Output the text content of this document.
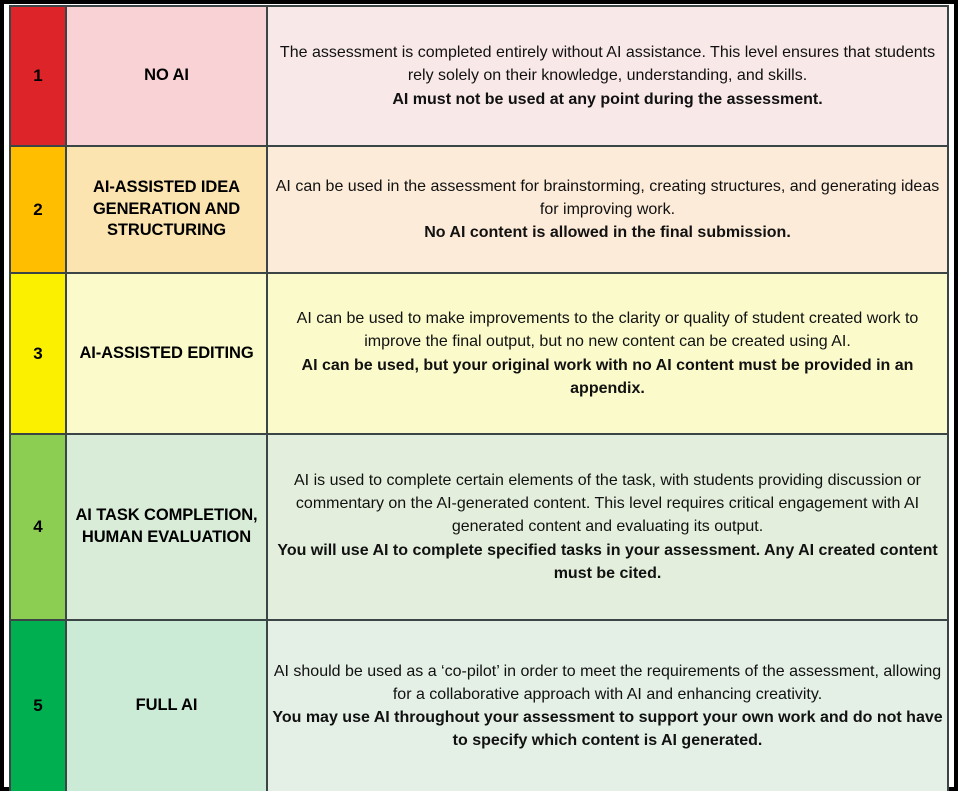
1	NO AI	The assessment is completed entirely without AI assistance. This level ensures that students rely solely on their knowledge, understanding, and skills.

AI must not be used at any point during the assessment.

2	AI-ASSISTED IDEA GENERATION AND STRUCTURING	AI can be used in the assessment for brainstorming, creating structures, and generating ideas for improving work.

No AI content is allowed in the final submission.

3	AI-ASSISTED EDITING	AI can be used to make improvements to the clarity or quality of student created work to improve the final output, but no new content can be created using AI.

AI can be used, but your original work with no AI content must be provided in an appendix.

4	AI TASK COMPLETION, HUMAN EVALUATION	AI is used to complete certain elements of the task, with students providing discussion or commentary on the AI-generated content. This level requires critical engagement with AI generated content and evaluating its output.

You will use AI to complete specified tasks in your assessment. Any AI created content must be cited.

5	FULL AI	AI should be used as a ‘co-pilot’ in order to meet the requirements of the assessment, allowing for a collaborative approach with AI and enhancing creativity.

You may use AI throughout your assessment to support your own work and do not have to specify which content is AI generated.
